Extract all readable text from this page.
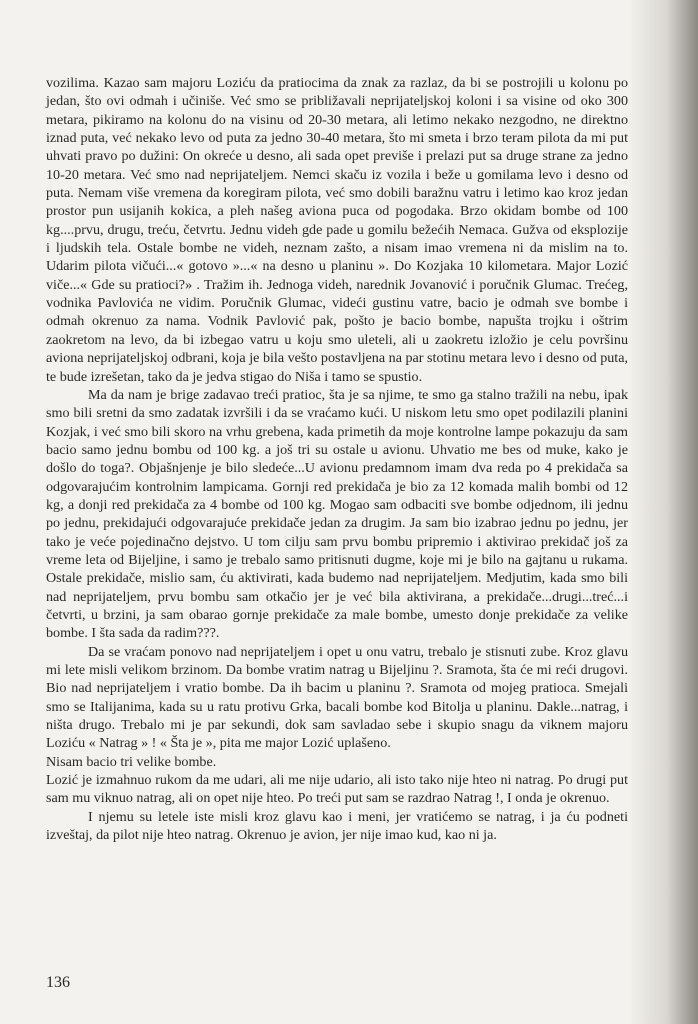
vozilima. Kazao sam majoru Loziću da pratiocima da znak za razlaz, da bi se postrojili u kolonu po jedan, što ovi odmah i učiniše. Već smo se približavali neprijateljskoj koloni i sa visine od oko 300 metara, pikiramo na kolonu do na visinu od 20-30 metara, ali letimo nekako nezgodno, ne direktno iznad puta, već nekako levo od puta za jedno 30-40 metara, što mi smeta i brzo teram pilota da mi put uhvati pravo po dužini: On okreće u desno, ali sada opet previše i prelazi put sa druge strane za jedno 10-20 metara. Već smo nad neprijateljem. Nemci skaču iz vozila i beže u gomilama levo i desno od puta. Nemam više vremena da koregiram pilota, već smo dobili baražnu vatru i letimo kao kroz jedan prostor pun usijanih kokica, a pleh našeg aviona puca od pogodaka. Brzo okidam bombe od 100 kg....prvu, drugu, treću, četvrtu. Jednu videh gde pade u gomilu bežećih Nemaca. Gužva od eksplozije i ljudskih tela. Ostale bombe ne videh, neznam zašto, a nisam imao vremena ni da mislim na to. Udarim pilota vičući...« gotovo »...« na desno u planinu ». Do Kozjaka 10 kilometara. Major Lozić viče...« Gde su pratioci?» . Tražim ih. Jednoga videh, narednik Jovanović i poručnik Glumac. Trećeg, vodnika Pavlovića ne vidim. Poručnik Glumac, videći gustinu vatre, bacio je odmah sve bombe i odmah okrenuo za nama. Vodnik Pavlović pak, pošto je bacio bombe, napušta trojku i oštrim zaokretom na levo, da bi izbegao vatru u koju smo uleteli, ali u zaokretu izložio je celu površinu aviona neprijateljskoj odbrani, koja je bila vešto postavljena na par stotinu metara levo i desno od puta, te bude izrešetan, tako da je jedva stigao do Niša i tamo se spustio.

Ma da nam je brige zadavao treći pratioc, šta je sa njime, te smo ga stalno tražili na nebu, ipak smo bili sretni da smo zadatak izvršili i da se vraćamo kući. U niskom letu smo opet podilazili planini Kozjak, i već smo bili skoro na vrhu grebena, kada primetih da moje kontrolne lampe pokazuju da sam bacio samo jednu bombu od 100 kg. a još tri su ostale u avionu. Uhvatio me bes od muke, kako je došlo do toga?. Objašnjenje je bilo sledeće...U avionu predamnom imam dva reda po 4 prekidača sa odgovarajućim kontrolnim lampicama. Gornji red prekidača je bio za 12 komada malih bombi od 12 kg, a donji red prekidača za 4 bombe od 100 kg. Mogao sam odbaciti sve bombe odjednom, ili jednu po jednu, prekidajući odgovarajuće prekidače jedan za drugim. Ja sam bio izabrao jednu po jednu, jer tako je veće pojedinačno dejstvo. U tom cilju sam prvu bombu pripremio i aktivirao prekidač još za vreme leta od Bijeljine, i samo je trebalo samo pritisnuti dugme, koje mi je bilo na gajtanu u rukama. Ostale prekidače, mislio sam, ću aktivirati, kada budemo nad neprijateljem. Medjutim, kada smo bili nad neprijateljem, prvu bombu sam otkačio jer je već bila aktivirana, a prekidače...drugi...treć...i četvrti, u brzini, ja sam obarao gornje prekidače za male bombe, umesto donje prekidače za velike bombe. I šta sada da radim???.

Da se vraćam ponovo nad neprijateljem i opet u onu vatru, trebalo je stisnuti zube. Kroz glavu mi lete misli velikom brzinom. Da bombe vratim natrag u Bijeljinu ?. Sramota, šta će mi reći drugovi. Bio nad neprijateljem i vratio bombe. Da ih bacim u planinu ?. Sramota od mojeg pratioca. Smejali smo se Italijanima, kada su u ratu protivu Grka, bacali bombe kod Bitolja u planinu. Dakle...natrag, i ništa drugo. Trebalo mi je par sekundi, dok sam savladao sebe i skupio snagu da viknem majoru Loziću « Natrag » ! « Šta je », pita me major Lozić uplašeno.

Nisam bacio tri velike bombe.

Lozić je izmahnuo rukom da me udari, ali me nije udario, ali isto tako nije hteo ni natrag. Po drugi put sam mu viknuo natrag, ali on opet nije hteo. Po treći put sam se razdrao Natrag !, I onda je okrenuo.

I njemu su letele iste misli kroz glavu kao i meni, jer vratićemo se natrag, i ja ću podneti izveštaj, da pilot nije hteo natrag. Okrenuo je avion, jer nije imao kud, kao ni ja.

136
